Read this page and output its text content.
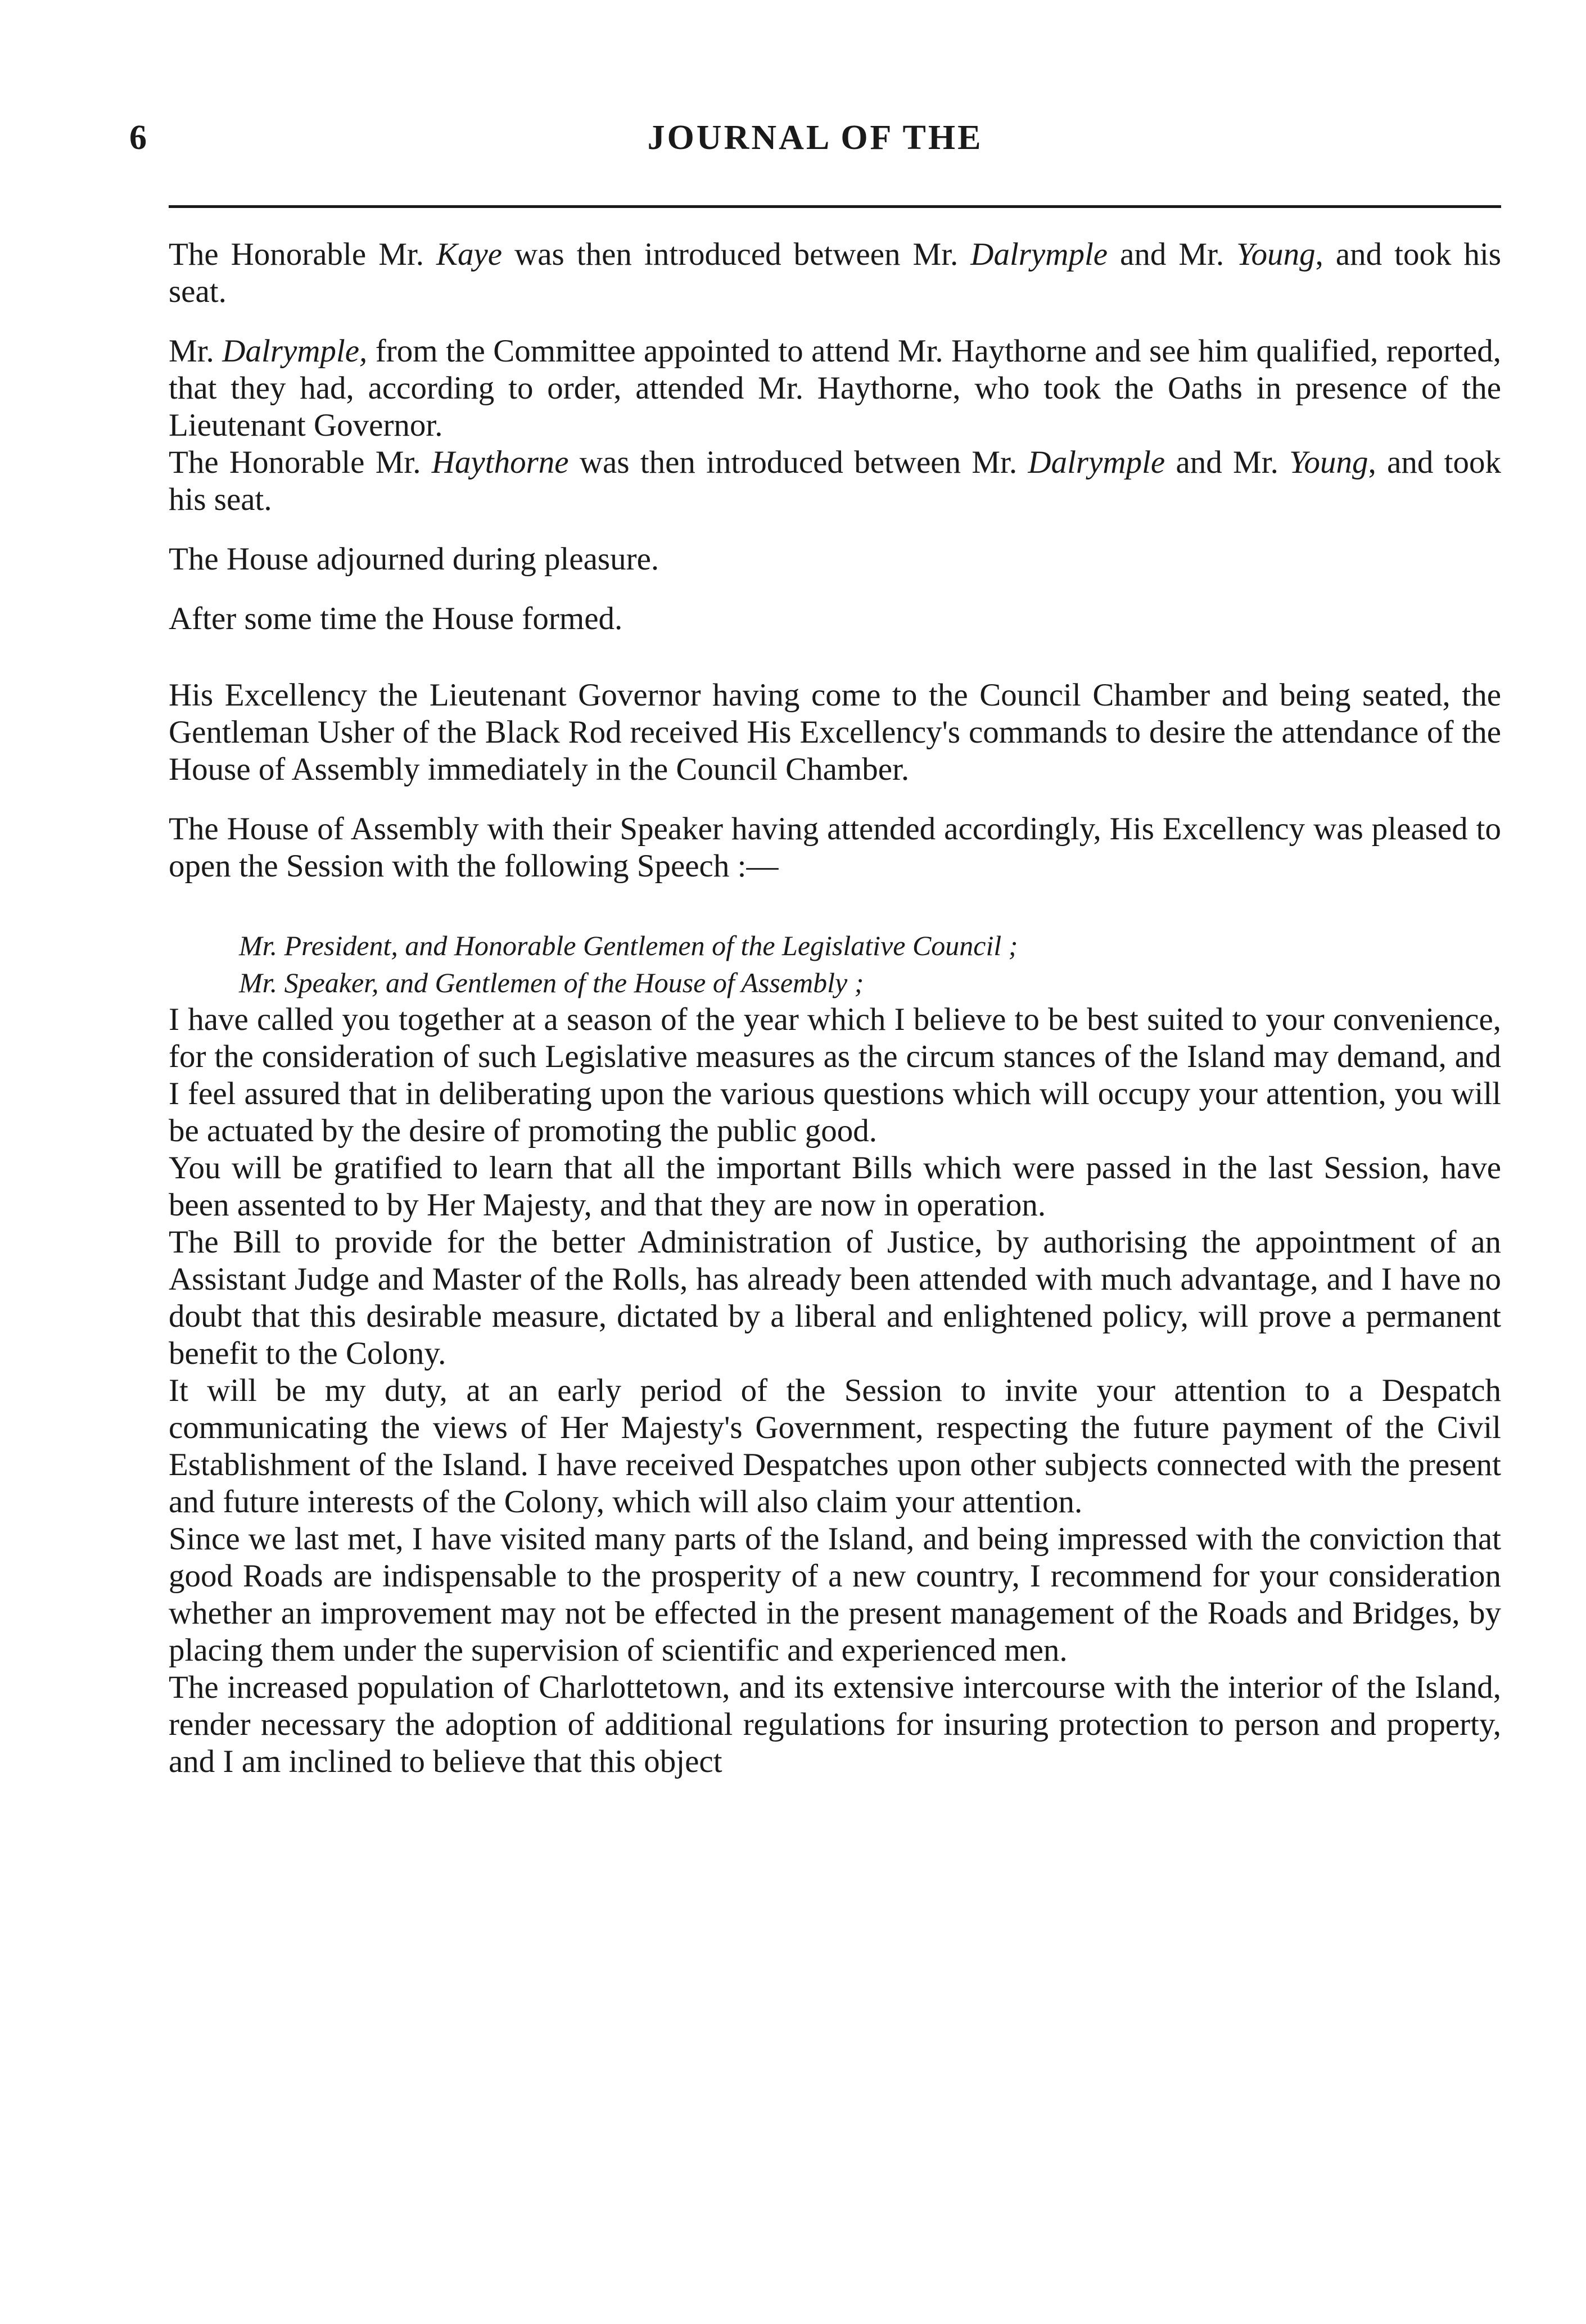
6	JOURNAL OF THE

The Honorable Mr. Kaye was then introduced between Mr. Dalrymple and Mr. Young, and took his seat.

Mr. Dalrymple, from the Committee appointed to attend Mr. Haythorne and see him qualified, reported, that they had, according to order, attended Mr. Haythorne, who took the Oaths in presence of the Lieutenant Governor.

The Honorable Mr. Haythorne was then introduced between Mr. Dalrymple and Mr. Young, and took his seat.

The House adjourned during pleasure.

After some time the House formed.

His Excellency the Lieutenant Governor having come to the Council Chamber and being seated, the Gentleman Usher of the Black Rod received His Excellency's commands to desire the attendance of the House of Assembly immediately in the Council Chamber.

The House of Assembly with their Speaker having attended accordingly, His Excellency was pleased to open the Session with the following Speech :—

Mr. President, and Honorable Gentlemen of the Legislative Council ;

Mr. Speaker, and Gentlemen of the House of Assembly ;

I have called you together at a season of the year which I believe to be best suited to your convenience, for the consideration of such Legislative measures as the circum stances of the Island may demand, and I feel assured that in deliberating upon the various questions which will occupy your attention, you will be actuated by the desire of promoting the public good.

You will be gratified to learn that all the important Bills which were passed in the last Session, have been assented to by Her Majesty, and that they are now in operation.

The Bill to provide for the better Administration of Justice, by authorising the appointment of an Assistant Judge and Master of the Rolls, has already been attended with much advantage, and I have no doubt that this desirable measure, dictated by a liberal and enlightened policy, will prove a permanent benefit to the Colony.

It will be my duty, at an early period of the Session to invite your attention to a Despatch communicating the views of Her Majesty's Government, respecting the future payment of the Civil Establishment of the Island. I have received Despatches upon other subjects connected with the present and future interests of the Colony, which will also claim your attention.

Since we last met, I have visited many parts of the Island, and being impressed with the conviction that good Roads are indispensable to the prosperity of a new country, I recommend for your consideration whether an improvement may not be effected in the present management of the Roads and Bridges, by placing them under the supervision of scientific and experienced men.

The increased population of Charlottetown, and its extensive intercourse with the interior of the Island, render necessary the adoption of additional regulations for insuring protection to person and property, and I am inclined to believe that this object
